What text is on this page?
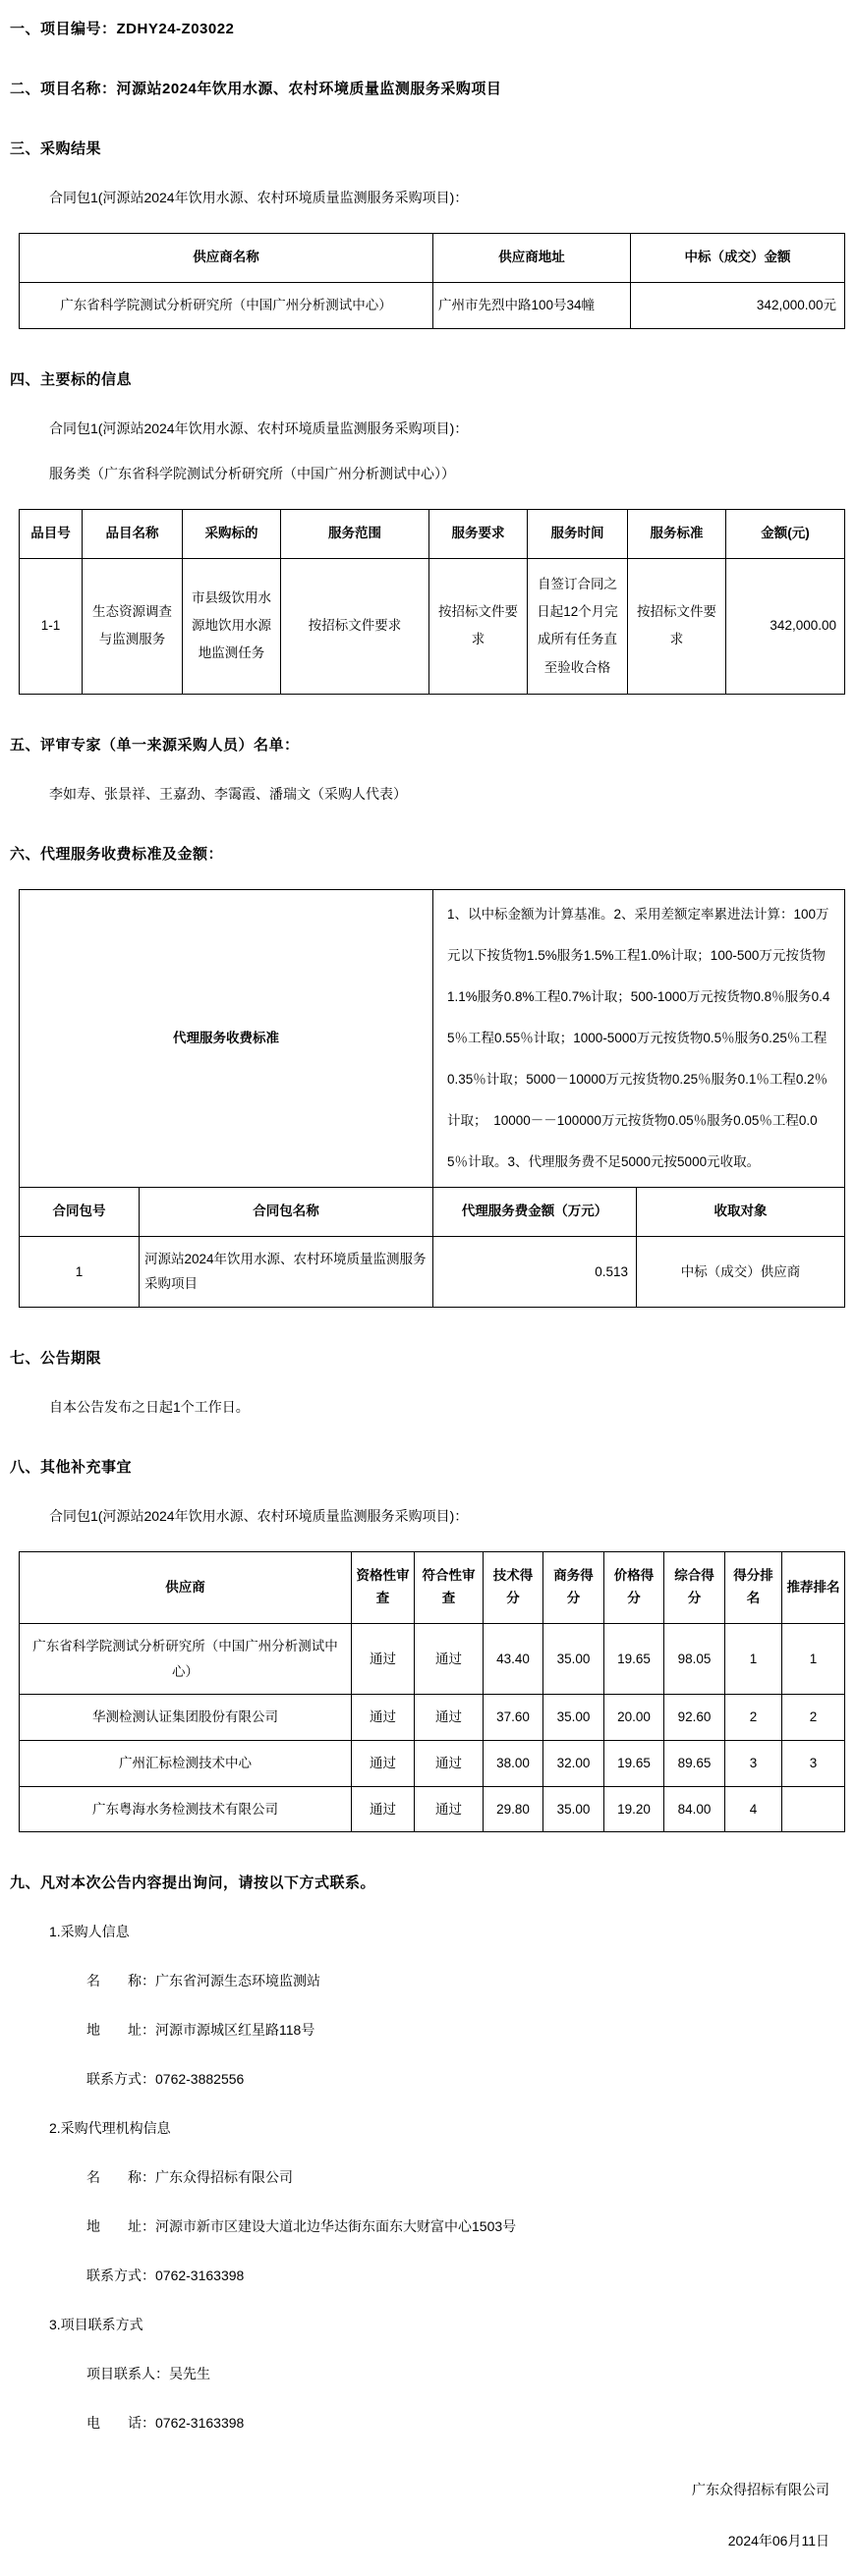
一、项目编号：ZDHY24-Z03022

二、项目名称：河源站2024年饮用水源、农村环境质量监测服务采购项目

三、采购结果

合同包1(河源站2024年饮用水源、农村环境质量监测服务采购项目)：

供应商名称	供应商地址	中标（成交）金额
广东省科学院测试分析研究所（中国广州分析测试中心）	广州市先烈中路100号34幢	342,000.00元

四、主要标的信息

合同包1(河源站2024年饮用水源、农村环境质量监测服务采购项目)：

服务类（广东省科学院测试分析研究所（中国广州分析测试中心））

品目号	品目名称	采购标的	服务范围	服务要求	服务时间	服务标准	金额(元)
1-1	生态资源调查与监测服务	市县级饮用水源地饮用水源地监测任务	按招标文件要求	按招标文件要求	自签订合同之日起12个月完成所有任务直至验收合格	按招标文件要求	342,000.00

五、评审专家（单一来源采购人员）名单：

李如寿、张景祥、王嘉劲、李霭霞、潘瑞文（采购人代表）

六、代理服务收费标准及金额：

代理服务收费标准		1、以中标金额为计算基准。2、采用差额定率累进法计算：100万元以下按货物1.5%服务1.5%工程1.0%计取；100-500万元按货物1.1%服务0.8%工程0.7%计取；500-1000万元按货物0.8％服务0.45％工程0.55％计取；1000-5000万元按货物0.5％服务0.25％工程0.35％计取；5000－10000万元按货物0.25％服务0.1％工程0.2％计取；　10000－－100000万元按货物0.05％服务0.05％工程0.05％计取。3、代理服务费不足5000元按5000元收取。	
合同包号	合同包名称	代理服务费金额（万元）	收取对象
1	河源站2024年饮用水源、农村环境质量监测服务采购项目	0.513	中标（成交）供应商

七、公告期限

自本公告发布之日起1个工作日。

八、其他补充事宜

合同包1(河源站2024年饮用水源、农村环境质量监测服务采购项目)：

供应商	资格性审查	符合性审查	技术得分	商务得分	价格得分	综合得分	得分排名	推荐排名
广东省科学院测试分析研究所（中国广州分析测试中心）	通过	通过	43.40	35.00	19.65	98.05	1	1
华测检测认证集团股份有限公司	通过	通过	37.60	35.00	20.00	92.60	2	2
广州汇标检测技术中心	通过	通过	38.00	32.00	19.65	89.65	3	3
广东粤海水务检测技术有限公司	通过	通过	29.80	35.00	19.20	84.00	4	

九、凡对本次公告内容提出询问，请按以下方式联系。

1.采购人信息

名　　称：广东省河源生态环境监测站

地　　址：河源市源城区红星路118号

联系方式：0762-3882556

2.采购代理机构信息

名　　称：广东众得招标有限公司

地　　址：河源市新市区建设大道北边华达街东面东大财富中心1503号

联系方式：0762-3163398

3.项目联系方式

项目联系人：吴先生

电　　话：0762-3163398

广东众得招标有限公司

2024年06月11日
